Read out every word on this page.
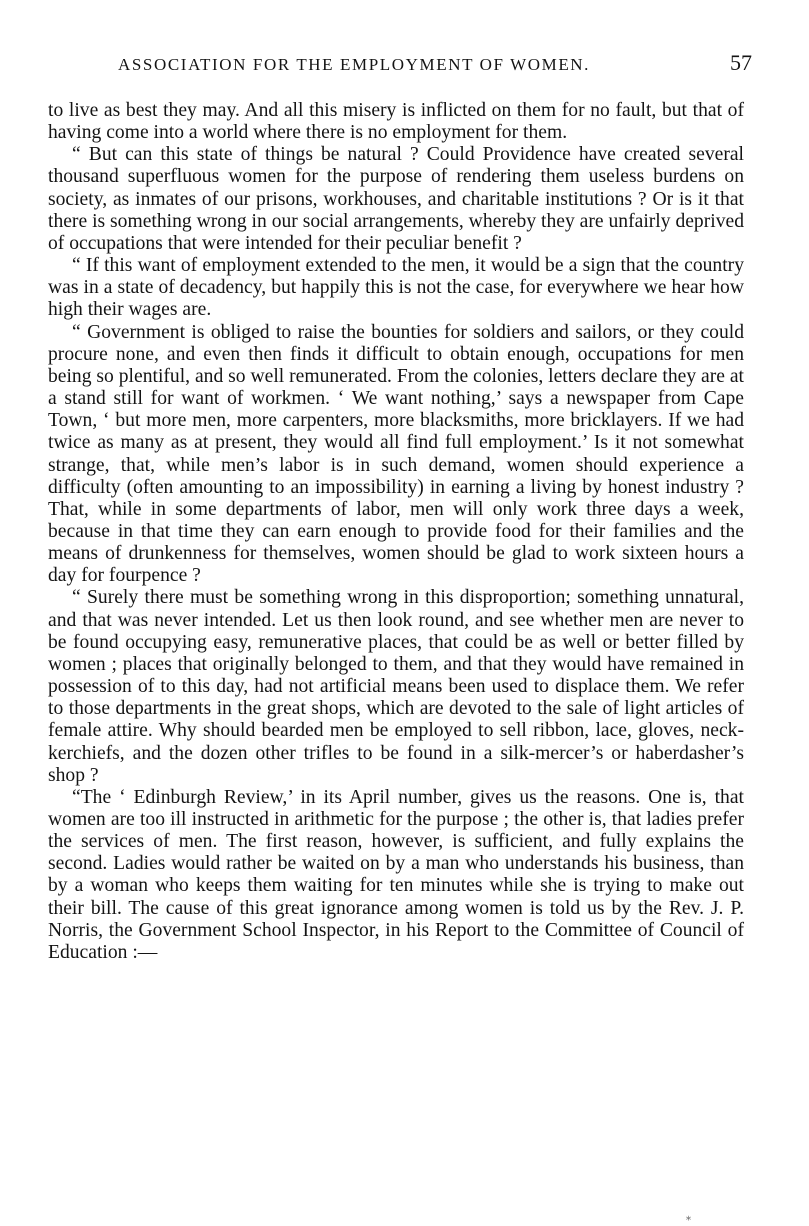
ASSOCIATION FOR THE EMPLOYMENT OF WOMEN.	57

to live as best they may. And all this misery is inflicted on them for no fault, but that of having come into a world where there is no employment for them.

“ But can this state of things be natural ? Could Providence have created several thousand superfluous women for the purpose of rendering them useless burdens on society, as inmates of our prisons, workhouses, and charitable institutions ? Or is it that there is something wrong in our social arrangements, whereby they are unfairly deprived of occupations that were intended for their peculiar benefit ?

“ If this want of employment extended to the men, it would be a sign that the country was in a state of decadency, but happily this is not the case, for everywhere we hear how high their wages are.

“ Government is obliged to raise the bounties for soldiers and sailors, or they could procure none, and even then finds it difficult to obtain enough, occupations for men being so plentiful, and so well remunerated. From the colonies, letters declare they are at a stand still for want of workmen. ‘ We want nothing,’ says a newspaper from Cape Town, ‘ but more men, more carpenters, more blacksmiths, more bricklayers. If we had twice as many as at present, they would all find full employment.’ Is it not somewhat strange, that, while men’s labor is in such demand, women should experience a difficulty (often amounting to an impossibility) in earning a living by honest industry ? That, while in some departments of labor, men will only work three days a week, because in that time they can earn enough to provide food for their families and the means of drunkenness for themselves, women should be glad to work sixteen hours a day for fourpence ?

“ Surely there must be something wrong in this disproportion; something unnatural, and that was never intended. Let us then look round, and see whether men are never to be found occupying easy, remunerative places, that could be as well or better filled by women ; places that originally belonged to them, and that they would have remained in possession of to this day, had not artificial means been used to displace them. We refer to those departments in the great shops, which are devoted to the sale of light articles of female attire. Why should bearded men be employed to sell ribbon, lace, gloves, neck-kerchiefs, and the dozen other trifles to be found in a silk-mercer’s or haberdasher’s shop ?

“The ‘ Edinburgh Review,’ in its April number, gives us the reasons. One is, that women are too ill instructed in arithmetic for the purpose ; the other is, that ladies prefer the services of men. The first reason, however, is sufficient, and fully explains the second. Ladies would rather be waited on by a man who understands his business, than by a woman who keeps them waiting for ten minutes while she is trying to make out their bill. The cause of this great ignorance among women is told us by the Rev. J. P. Norris, the Government School Inspector, in his Report to the Committee of Council of Education :—

⁎
